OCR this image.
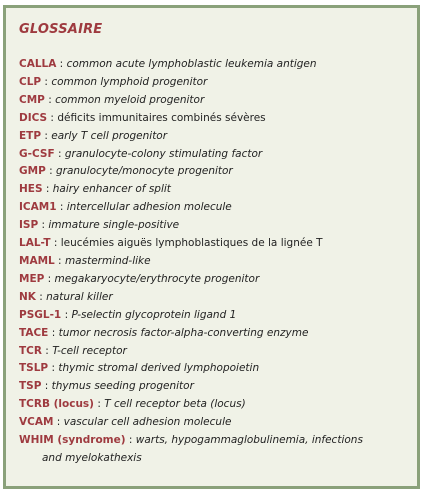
GLOSSAIRE
CALLA : common acute lymphoblastic leukemia antigen
CLP : common lymphoid progenitor
CMP : common myeloid progenitor
DICS : déficits immunitaires combinés sévères
ETP : early T cell progenitor
G-CSF : granulocyte-colony stimulating factor
GMP : granulocyte/monocyte progenitor
HES : hairy enhancer of split
ICAM1 : intercellular adhesion molecule
ISP : immature single-positive
LAL-T : leucémies aiguës lymphoblastiques de la lignée T
MAML : mastermind-like
MEP : megakaryocyte/erythrocyte progenitor
NK : natural killer
PSGL-1 : P-selectin glycoprotein ligand 1
TACE : tumor necrosis factor-alpha-converting enzyme
TCR : T-cell receptor
TSLP : thymic stromal derived lymphopoietin
TSP : thymus seeding progenitor
TCRB (locus) : T cell receptor beta (locus)
VCAM : vascular cell adhesion molecule
WHIM (syndrome) : warts, hypogammaglobulinemia, infections
and myelokathexis
